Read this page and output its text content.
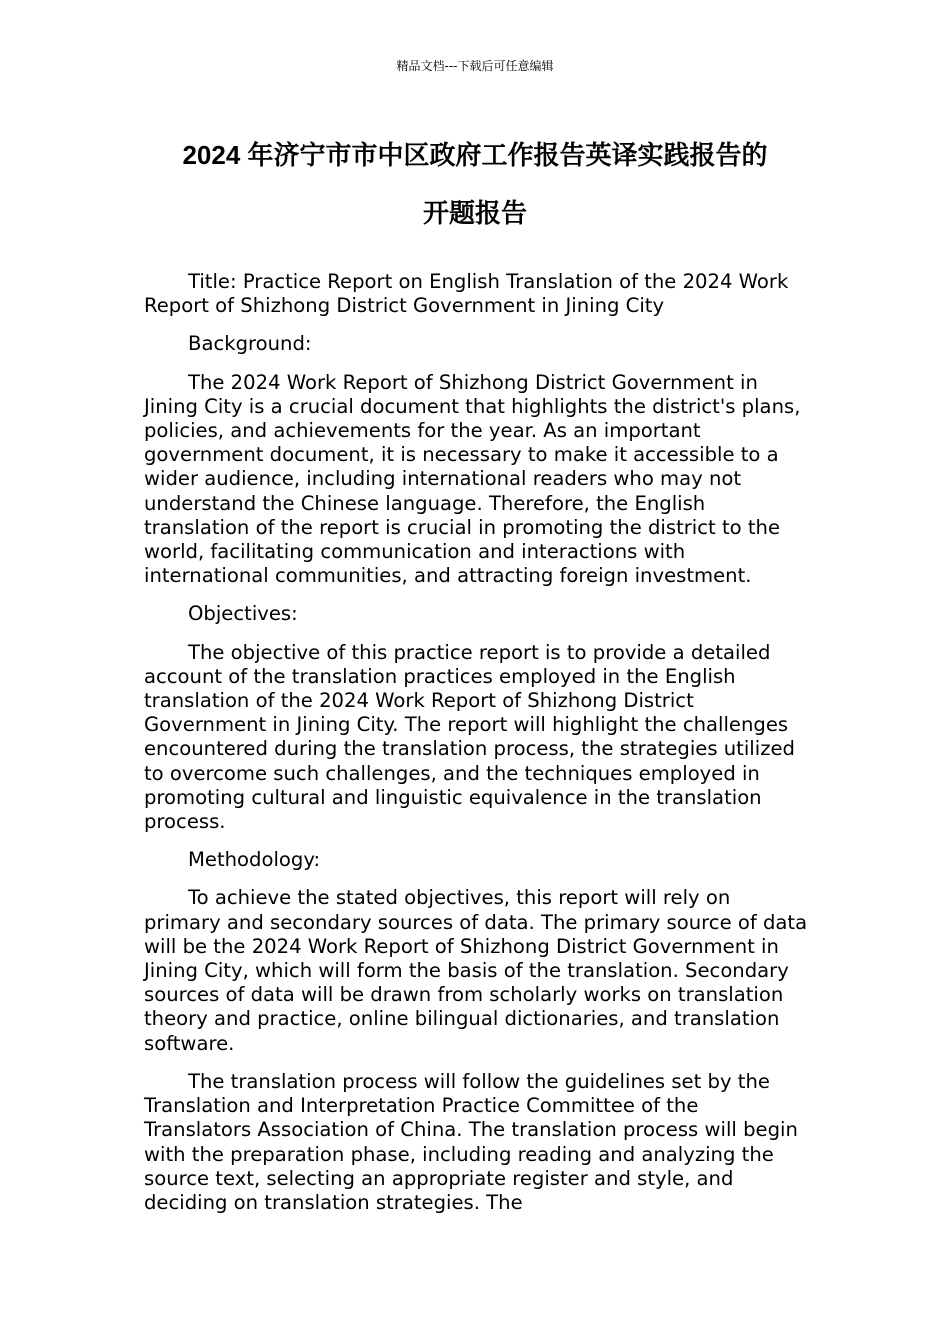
精品文档---下载后可任意编辑
2024 年济宁市市中区政府工作报告英译实践报告的
开题报告

Title: Practice Report on English Translation of the 2024 Work Report of Shizhong District Government in Jining City

Background:

The 2024 Work Report of Shizhong District Government in Jining City is a crucial document that highlights the district's plans, policies, and achievements for the year. As an important government document, it is necessary to make it accessible to a wider audience, including international readers who may not understand the Chinese language. Therefore, the English translation of the report is crucial in promoting the district to the world, facilitating communication and interactions with international communities, and attracting foreign investment.

Objectives:

The objective of this practice report is to provide a detailed account of the translation practices employed in the English translation of the 2024 Work Report of Shizhong District Government in Jining City. The report will highlight the challenges encountered during the translation process, the strategies utilized to overcome such challenges, and the techniques employed in promoting cultural and linguistic equivalence in the translation process.

Methodology:

To achieve the stated objectives, this report will rely on primary and secondary sources of data. The primary source of data will be the 2024 Work Report of Shizhong District Government in Jining City, which will form the basis of the translation. Secondary sources of data will be drawn from scholarly works on translation theory and practice, online bilingual dictionaries, and translation software.

The translation process will follow the guidelines set by the Translation and Interpretation Practice Committee of the Translators Association of China. The translation process will begin with the preparation phase, including reading and analyzing the source text, selecting an appropriate register and style, and deciding on translation strategies. The
